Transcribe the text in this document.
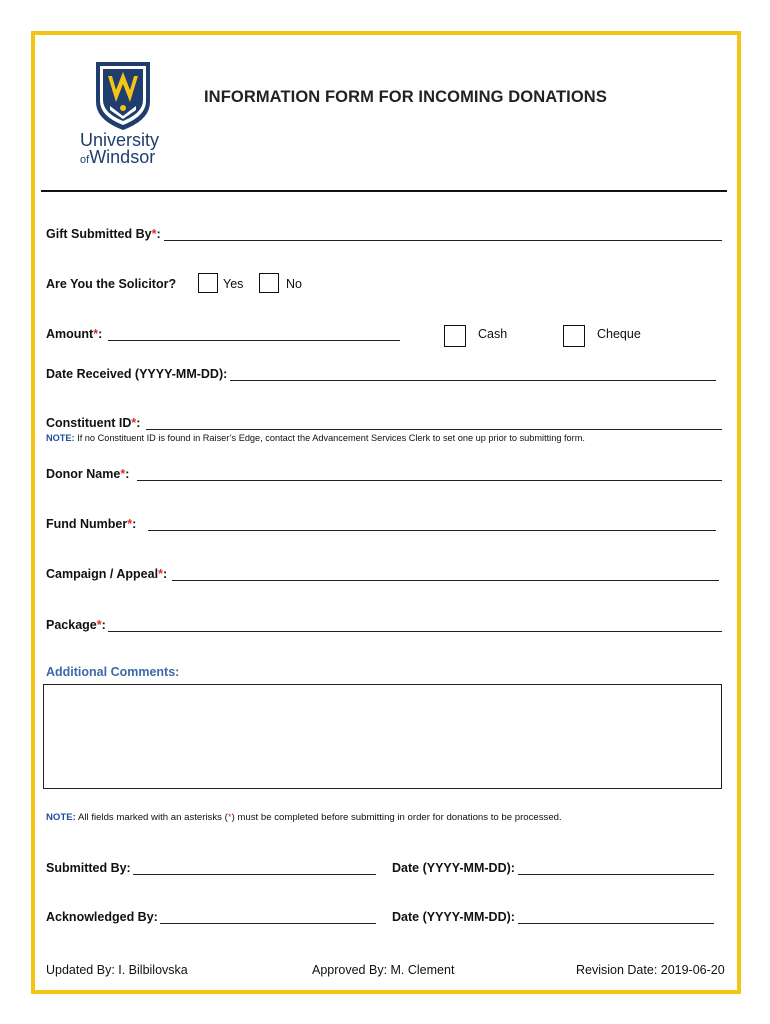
University
ofWindsor
INFORMATION FORM FOR INCOMING DONATIONS
Gift Submitted By*:
Are You the Solicitor?	Yes	No
Amount*:	Cash	Cheque
Date Received (YYYY-MM-DD):
Constituent ID*:
NOTE: If no Constituent ID is found in Raiser’s Edge, contact the Advancement Services Clerk to set one up prior to submitting form.
Donor Name*:
Fund Number*:
Campaign / Appeal*:
Package*:
Additional Comments:
NOTE: All fields marked with an asterisks (*) must be completed before submitting in order for donations to be processed.
Submitted By:	Date (YYYY-MM-DD):
Acknowledged By:	Date (YYYY-MM-DD):
Updated By: I. Bilbilovska	Approved By: M. Clement	Revision Date: 2019-06-20
